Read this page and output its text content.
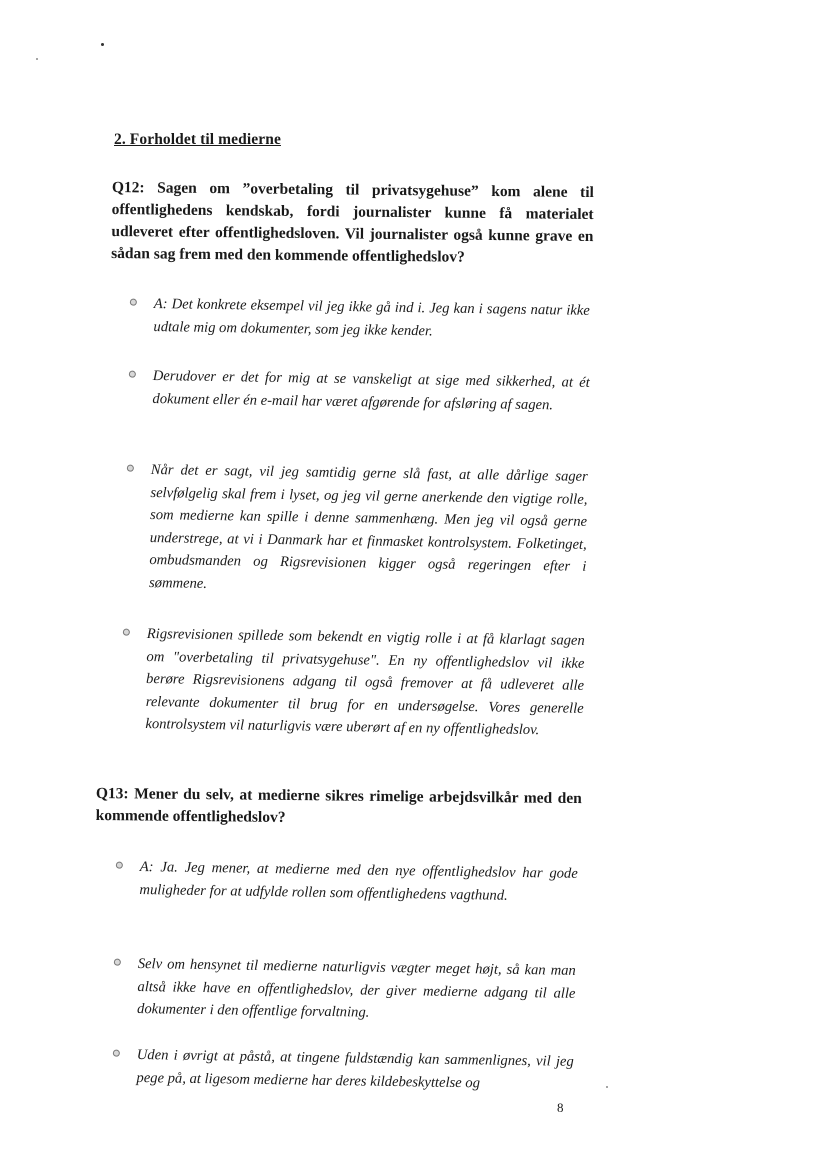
2. Forholdet til medierne

Q12: Sagen om ”overbetaling til privatsygehuse” kom alene til offentlighedens kendskab, fordi journalister kunne få materialet udleveret efter offentlighedsloven. Vil journalister også kunne grave en sådan sag frem med den kommende offentlighedslov?

A: Det konkrete eksempel vil jeg ikke gå ind i. Jeg kan i sagens natur ikke udtale mig om dokumenter, som jeg ikke kender.
Derudover er det for mig at se vanskeligt at sige med sikkerhed, at ét dokument eller én e-mail har været afgørende for afsløring af sagen.
Når det er sagt, vil jeg samtidig gerne slå fast, at alle dårlige sager selvfølgelig skal frem i lyset, og jeg vil gerne anerkende den vigtige rolle, som medierne kan spille i denne sammenhæng. Men jeg vil også gerne understrege, at vi i Danmark har et finmasket kontrolsystem. Folketinget, ombudsmanden og Rigsrevisionen kigger også regeringen efter i sømmene.
Rigsrevisionen spillede som bekendt en vigtig rolle i at få klarlagt sagen om "overbetaling til privatsygehuse". En ny offentlighedslov vil ikke berøre Rigsrevisionens adgang til også fremover at få udleveret alle relevante dokumenter til brug for en undersøgelse. Vores generelle kontrolsystem vil naturligvis være uberørt af en ny offentlighedslov.

Q13: Mener du selv, at medierne sikres rimelige arbejdsvilkår med den kommende offentlighedslov?

A: Ja. Jeg mener, at medierne med den nye offentlighedslov har gode muligheder for at udfylde rollen som offentlighedens vagthund.
Selv om hensynet til medierne naturligvis vægter meget højt, så kan man altså ikke have en offentlighedslov, der giver medierne adgang til alle dokumenter i den offentlige forvaltning.
Uden i øvrigt at påstå, at tingene fuldstændig kan sammenlignes, vil jeg pege på, at ligesom medierne har deres kildebeskyttelse og

8
